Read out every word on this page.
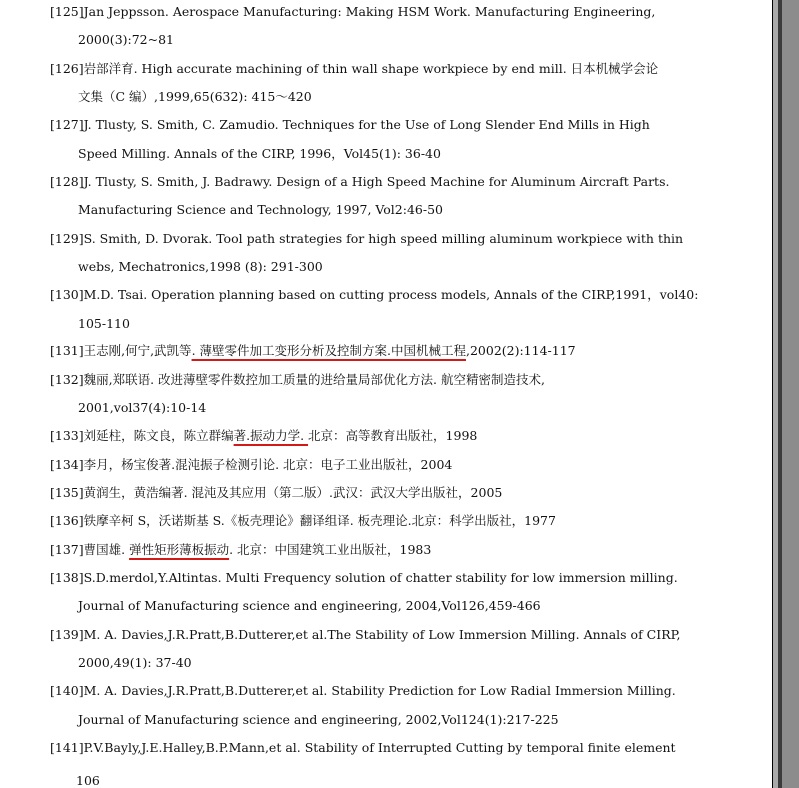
[125]Jan Jeppsson. Aerospace Manufacturing: Making HSM Work. Manufacturing Engineering,
2000(3):72~81
[126]岩部洋育. High accurate machining of thin wall shape workpiece by end mill. 日本机械学会论
文集（C 编）,1999,65(632): 415～420
[127]J. Tlusty, S. Smith, C. Zamudio. Techniques for the Use of Long Slender End Mills in High
Speed Milling. Annals of the CIRP, 1996，Vol45(1): 36-40
[128]J. Tlusty, S. Smith, J. Badrawy. Design of a High Speed Machine for Aluminum Aircraft Parts.
Manufacturing Science and Technology, 1997, Vol2:46-50
[129]S. Smith, D. Dvorak. Tool path strategies for high speed milling aluminum workpiece with thin
webs, Mechatronics,1998 (8): 291-300
[130]M.D. Tsai. Operation planning based on cutting process models, Annals of the CIRP,1991，vol40:
105-110
[131]王志刚,何宁,武凯等. 薄壁零件加工变形分析及控制方案.中国机械工程,2002(2):114-117
[132]魏丽,郑联语. 改进薄壁零件数控加工质量的进给量局部优化方法. 航空精密制造技术,
2001,vol37(4):10-14
[133]刘延柱，陈文良，陈立群编著.振动力学. 北京：高等教育出版社，1998
[134]李月，杨宝俊著.混沌振子检测引论. 北京：电子工业出版社，2004
[135]黄润生，黄浩编著. 混沌及其应用（第二版）.武汉：武汉大学出版社，2005
[136]铁摩辛柯 S，沃诺斯基 S.《板壳理论》翻译组译. 板壳理论.北京：科学出版社，1977
[137]曹国雄. 弹性矩形薄板振动. 北京：中国建筑工业出版社，1983
[138]S.D.merdol,Y.Altintas. Multi Frequency solution of chatter stability for low immersion milling.
Journal of Manufacturing science and engineering, 2004,Vol126,459-466
[139]M. A. Davies,J.R.Pratt,B.Dutterer,et al.The Stability of Low Immersion Milling. Annals of CIRP,
2000,49(1): 37-40
[140]M. A. Davies,J.R.Pratt,B.Dutterer,et al. Stability Prediction for Low Radial Immersion Milling.
Journal of Manufacturing science and engineering, 2002,Vol124(1):217-225
[141]P.V.Bayly,J.E.Halley,B.P.Mann,et al. Stability of Interrupted Cutting by temporal finite element
106
